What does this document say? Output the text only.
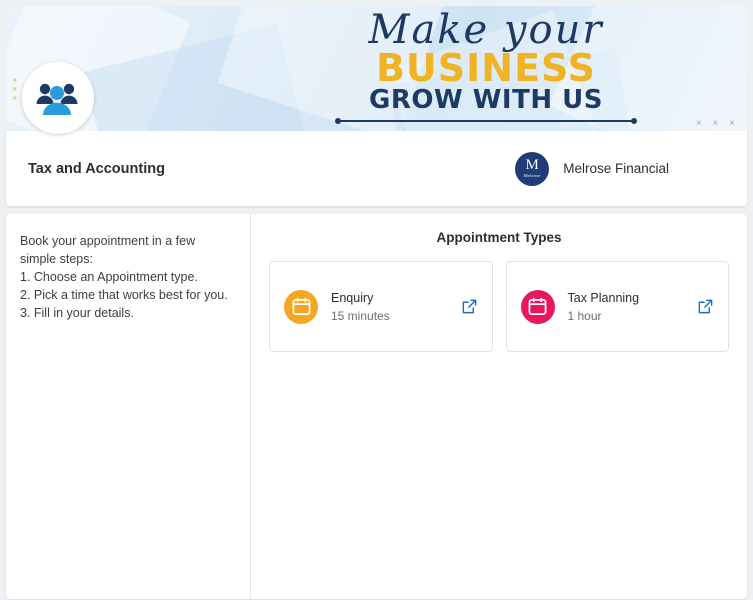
Make your
BUSINESS
GROW WITH US
×
×
×
× × ×
Tax and Accounting	M
Melrose Melrose Financial
Book your appointment in a few simple steps:
1. Choose an Appointment type.
2. Pick a time that works best for you.
3. Fill in your details.
Appointment Types
Enquiry
15 minutes
Tax Planning
1 hour
